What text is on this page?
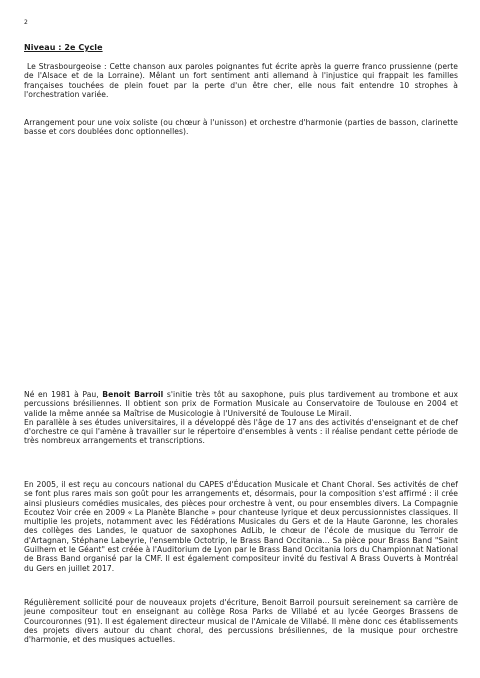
2
Niveau : 2e Cycle

Le Strasbourgeoise : Cette chanson aux paroles poignantes fut écrite après la guerre franco prussienne (perte de l'Alsace et de la Lorraine). Mêlant un fort sentiment anti allemand à l'injustice qui frappait les familles françaises touchées de plein fouet par la perte d'un être cher, elle nous fait entendre 10 strophes à l'orchestration variée.

Arrangement pour une voix soliste (ou chœur à l'unisson) et orchestre d'harmonie (parties de basson, clarinette basse et cors doublées donc optionnelles).

Né en 1981 à Pau, Benoit Barroil s'initie très tôt au saxophone, puis plus tardivement au trombone et aux percussions brésiliennes. Il obtient son prix de Formation Musicale au Conservatoire de Toulouse en 2004 et valide la même année sa Maîtrise de Musicologie à l'Université de Toulouse Le Mirail.

En parallèle à ses études universitaires, il a développé dès l'âge de 17 ans des activités d'enseignant et de chef d'orchestre ce qui l'amène à travailler sur le répertoire d'ensembles à vents : il réalise pendant cette période de très nombreux arrangements et transcriptions.

En 2005, il est reçu au concours national du CAPES d'Éducation Musicale et Chant Choral. Ses activités de chef se font plus rares mais son goût pour les arrangements et, désormais, pour la composition s'est affirmé : il crée ainsi plusieurs comédies musicales, des pièces pour orchestre à vent, ou pour ensembles divers. La Compagnie Ecoutez Voir crée en 2009 « La Planète Blanche » pour chanteuse lyrique et deux percussionnistes classiques. Il multiplie les projets, notamment avec les Fédérations Musicales du Gers et de la Haute Garonne, les chorales des collèges des Landes, le quatuor de saxophones AdLib, le chœur de l'école de musique du Terroir de d'Artagnan, Stéphane Labeyrie, l'ensemble Octotrip, le Brass Band Occitania... Sa pièce pour Brass Band "Saint Guilhem et le Géant" est créée à l'Auditorium de Lyon par le Brass Band Occitania lors du Championnat National de Brass Band organisé par la CMF. Il est également compositeur invité du festival A Brass Ouverts à Montréal du Gers en juillet 2017.

Régulièrement sollicité pour de nouveaux projets d'écriture, Benoit Barroil poursuit sereinement sa carrière de jeune compositeur tout en enseignant au collège Rosa Parks de Villabé et au lycée Georges Brassens de Courcouronnes (91). Il est également directeur musical de l'Amicale de Villabé. Il mène donc ces établissements des projets divers autour du chant choral, des percussions brésiliennes, de la musique pour orchestre d'harmonie, et des musiques actuelles.
